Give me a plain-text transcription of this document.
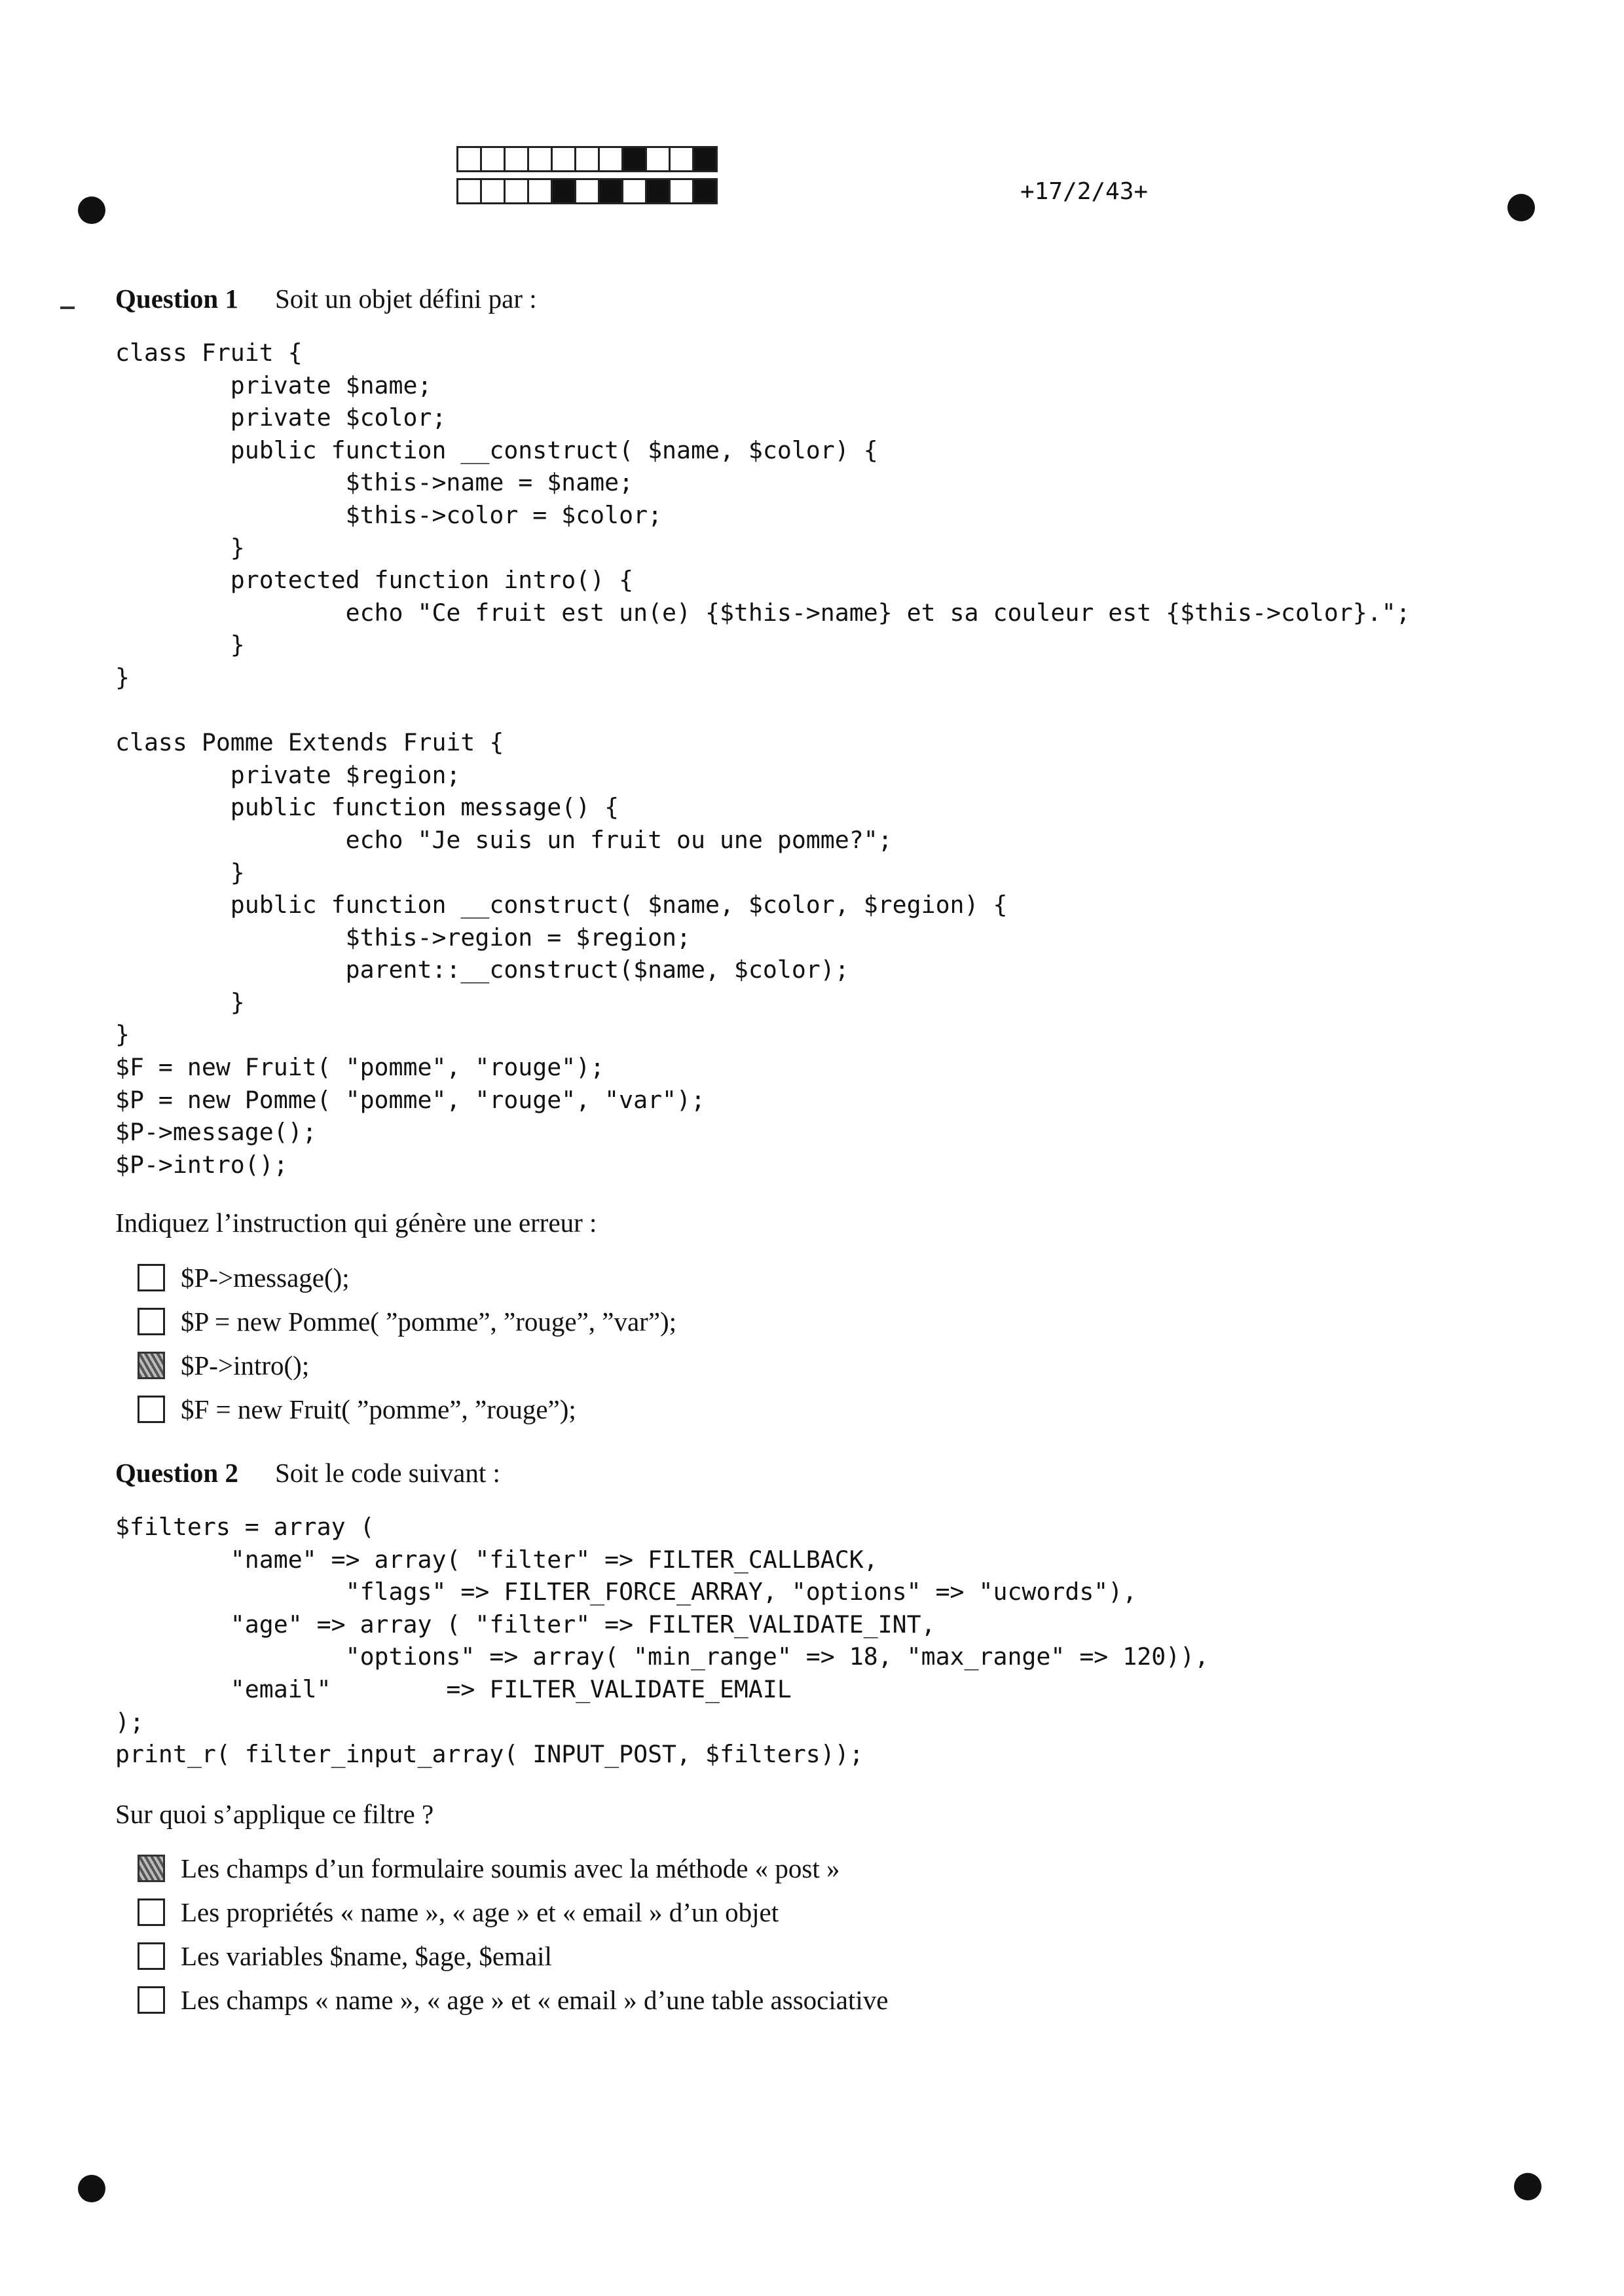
+17/2/43+
Question 1 Soit un objet défini par :
class Fruit {
private $name;
private $color;
public function __construct( $name, $color) {
$this->name = $name;
$this->color = $color;
}
protected function intro() {
echo "Ce fruit est un(e) {$this->name} et sa couleur est {$this->color}.";
}
}

class Pomme Extends Fruit {
private $region;
public function message() {
echo "Je suis un fruit ou une pomme?";
}
public function __construct( $name, $color, $region) {
$this->region = $region;
parent::__construct($name, $color);
}
}
$F = new Fruit( "pomme", "rouge");
$P = new Pomme( "pomme", "rouge", "var");
$P->message();
$P->intro();
Indiquez l’instruction qui génère une erreur :
$P->message();
$P = new Pomme( ”pomme”, ”rouge”, ”var”);
$P->intro();
$F = new Fruit( ”pomme”, ”rouge”);
Question 2 Soit le code suivant :
$filters = array (
"name" => array( "filter" => FILTER_CALLBACK,
"flags" => FILTER_FORCE_ARRAY, "options" => "ucwords"),
"age" => array ( "filter" => FILTER_VALIDATE_INT,
"options" => array( "min_range" => 18, "max_range" => 120)),
"email"        => FILTER_VALIDATE_EMAIL
);
print_r( filter_input_array( INPUT_POST, $filters));
Sur quoi s’applique ce filtre ?
Les champs d’un formulaire soumis avec la méthode « post »
Les propriétés « name », « age » et « email » d’un objet
Les variables $name, $age, $email
Les champs « name », « age » et « email » d’une table associative
